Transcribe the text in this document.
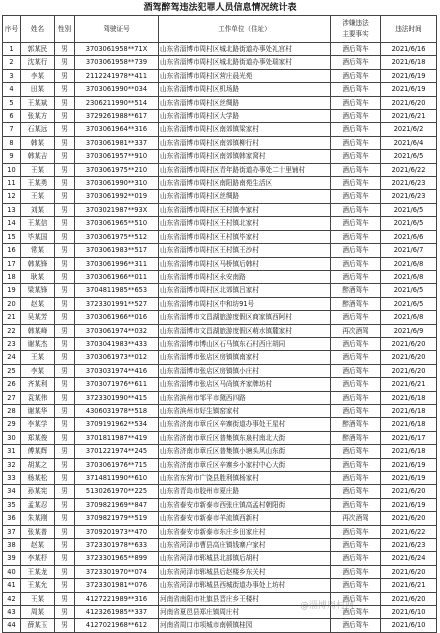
酒驾醉驾违法犯罪人员信息情况统计表
序号	姓名	性别	驾驶证号	工作单位（住址）	涉嫌违法
主要事实	违法时间
1	郭某民	男	3703061958**71X	山东省淄博市周村区城北路街道办事处礼宫村	酒后驾车	2021/6/16
2	沈某行	男	3703061958**739	山东省淄博市周村区城北路街道办事处瑞家村	酒后驾车	2021/6/18
3	李某	男	2112241978**411	山东省淄博市周村区营庄晨光苑	酒后驾车	2021/6/19
4	田某	男	3703061990**034	山东省淄博市周村区机场路	酒后驾车	2021/6/19
5	王某斌	男	2306211990**514	山东省淄博市周村区丝绸路	酒后驾车	2021/6/20
6	张某方	男	3729261988**617	山东省淄博市周村区大学路	酒后驾车	2021/6/21
7	石某远	男	3703061964**316	山东省淄博市周村区南郊镇梁家村	酒后驾车	2021/6/2
8	韩某	男	3703061981**337	山东省淄博市周村区南郊镇柳行村	酒后驾车	2021/6/4
9	韩某吉	男	3703061957**910	山东省淄博市周村区南郊镇韩家窝村	酒后驾车	2021/6/5
10	王某	男	3703061975**210	山东省淄博市周村区青年路街道办事处二十里铺村	酒后驾车	2021/6/22
11	王某勇	男	3703061990**310	山东省淄博市周村区南阳路南苑生活区	酒后驾车	2021/6/23
12	王某	男	3703061992**019	山东省淄博市周村区丝绸路	酒后驾车	2021/6/23
13	刘某	男	3703021987**93X	山东省淄博市周村区王村镇李家村	酒后驾车	2021/6/5
14	王某信	男	3703061965**510	山东省淄博市周村区王村镇北家村	酒后驾车	2021/6/5
15	毕某国	男	3703061975**512	山东省淄博市周村区王村镇毕家村	酒后驾车	2021/6/6
16	常某	男	3703061983**517	山东省淄博市周村区王村镇王沙村	酒后驾车	2021/6/7
17	韩某锋	男	3703061996**311	山东省淄博市周村区马桥镇后韩村	酒后驾车	2021/6/8
18	耿某	男	3703061966**011	山东省淄博市周村区永安南路	酒后驾车	2021/6/8
19	梁某锋	男	3704811985**653	山东省淄博市周村区北郊镇吕家村	醉酒驾车	2021/6/5
20	赵某	男	3723301991**527	山东省淄博市周村区中和坊91号	醉酒驾车	2021/6/5
21	吴某芳	男	3703061966**016	山东省淄博市文昌湖旅游度假区商家镇西阿村	酒后驾车	2021/6/8
22	韩某峰	男	3703061974**032	山东省淄博市文昌湖旅游度假区萌水镇麓家村	再次酒驾	2021/6/9
23	谢某杰	男	3703041983**433	山东省淄博市博山区石马镇东石村西庄胡同	酒后驾车	2021/6/20
24	王某	男	3703061973**012	山东省淄博市张店区房镇镇南家村	酒后驾车	2021/6/20
25	李某	男	3703031974**416	山东省淄博市张店区房镇镇小庄村	酒后驾车	2021/6/20
26	齐某利	男	3703071976**611	山东省淄博市张店区马尚镇齐家牌坊村	酒后驾车	2021/6/21
27	袁某伟	男	3723301990**415	山东省滨州市邹平市黛西四路	酒后驾车	2021/6/18
28	谢某华	男	4306031978**518	山东省滨州市好生镇窑家村	酒后驾车	2021/6/18
29	李某学	男	3709191962**534	山东省济南市章丘区辛寨街道办事处王星村	醉酒驾车	2021/6/18
30	郑某俊	男	3701811987**419	山东省济南市章丘区普集镇东泉村南北大街	醉酒驾车	2021/6/17
31	傅某辉	男	3701221974**245	山东省济南市章丘区普集镇小塘头风山东街	酒后驾车	2021/6/18
32	胡某之	男	3703061976**715	山东省济南市章丘区辛寨乡小家村中心大街	酒后驾车	2021/6/19
33	杨某松	男	3714811990**610	山东省东营市广饶县胜利镇杨家村	酒后驾车	2021/6/19
34	孙某宪	男	5130261970**225	山东省青岛市胶州市夏庄路	酒后驾车	2021/6/20
35	孟某忍	男	3709821969**847	山东省泰安市新泰市西张庄镇高孟村朝阳街	酒后驾车	2021/6/19
36	朱某刚	男	3709821979**519	山东省泰安市新泰市羊流镇西新村	再次酒驾	2021/6/20
37	张某普	男	3709201973**470	山东省泰安市新泰市东庄乡田家庄村	酒后驾车	2021/6/22
38	赵某	男	3723301978**633	山东省菏泽市曹县高庄镇钱寨户家村	酒后驾车	2021/6/23
39	李某杼	男	3723301965**899	山东省菏泽市郓城县北部镇后胡村	酒后驾车	2021/6/24
40	王某龙	男	3723301970**074	山东省菏泽市郓城县后赵楼乡东关村	酒后驾车	2021/6/20
41	王某允	男	3723301981**076	山东省菏泽市郓城县西城街道办事处上坊村	酒后驾车	2021/6/21
42	王某	男	4127221989**316	河南省南阳市社旗县晋庄乡王楼村	酒后驾车	2021/6/20
43	周某	男	4123261985**337	河南省夏邑县郑庄镇周庄村	酒后驾车	2021/6/10
44	薛某玉	男	4127021968**612	河南省周口市项城市南顿镇桂园	酒后驾车	2021/6/10
@淄博周村网
